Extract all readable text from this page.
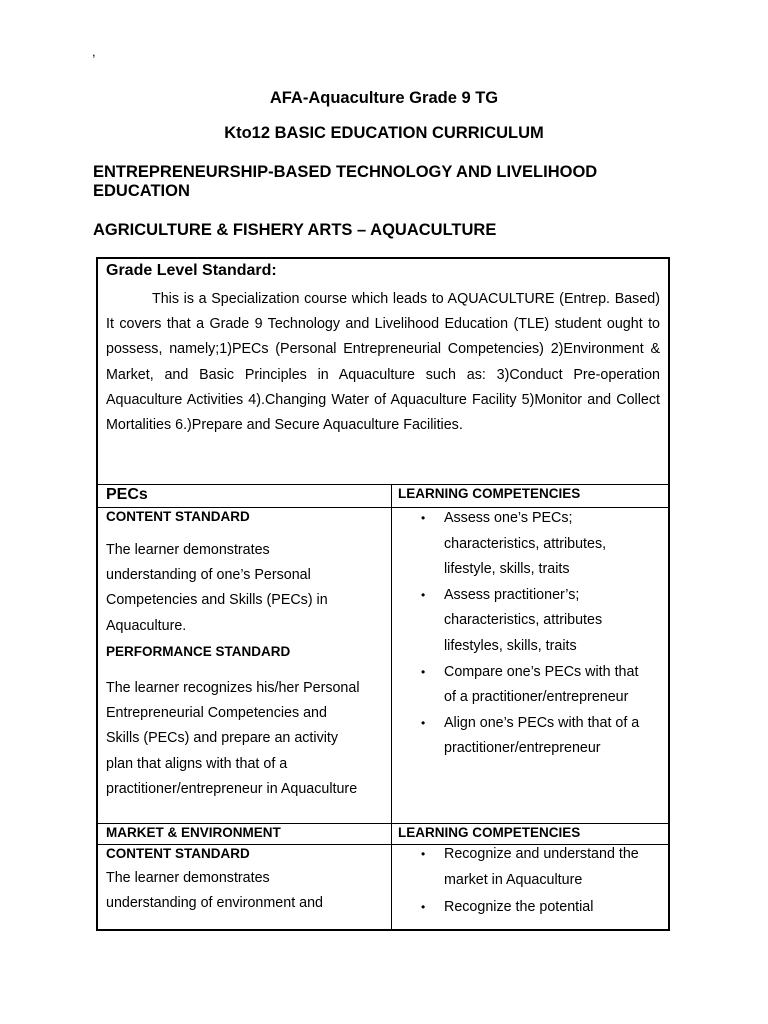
,
AFA-Aquaculture Grade 9 TG
Kto12 BASIC EDUCATION CURRICULUM
ENTREPRENEURSHIP-BASED TECHNOLOGY AND LIVELIHOOD
EDUCATION
AGRICULTURE & FISHERY ARTS – AQUACULTURE
Grade Level Standard:

This is a Specialization course which leads to AQUACULTURE (Entrep. Based) It covers that a Grade 9 Technology and Livelihood Education (TLE) student ought to possess, namely;1)PECs (Personal Entrepreneurial Competencies) 2)Environment & Market, and Basic Principles in Aquaculture such as: 3)Conduct Pre-operation Aquaculture Activities 4).Changing Water of Aquaculture Facility 5)Monitor and Collect Mortalities 6.)Prepare and Secure Aquaculture Facilities.

PECs	LEARNING COMPETENCIES
CONTENT STANDARD
The learner demonstrates
understanding of one’s Personal
Competencies and Skills (PECs) in
Aquaculture.
PERFORMANCE STANDARD
The learner recognizes his/her Personal
Entrepreneurial Competencies and
Skills (PECs) and prepare an activity
plan that aligns with that of a
practitioner/entrepreneur in Aquaculture
• Assess one’s PECs;
characteristics, attributes,
lifestyle, skills, traits
• Assess practitioner’s;
characteristics, attributes
lifestyles, skills, traits
• Compare one’s PECs with that
of a practitioner/entrepreneur
• Align one’s PECs with that of a
practitioner/entrepreneur
MARKET & ENVIRONMENT	LEARNING COMPETENCIES
CONTENT STANDARD
The learner demonstrates
understanding of environment and
• Recognize and understand the
market in Aquaculture
• Recognize the potential
